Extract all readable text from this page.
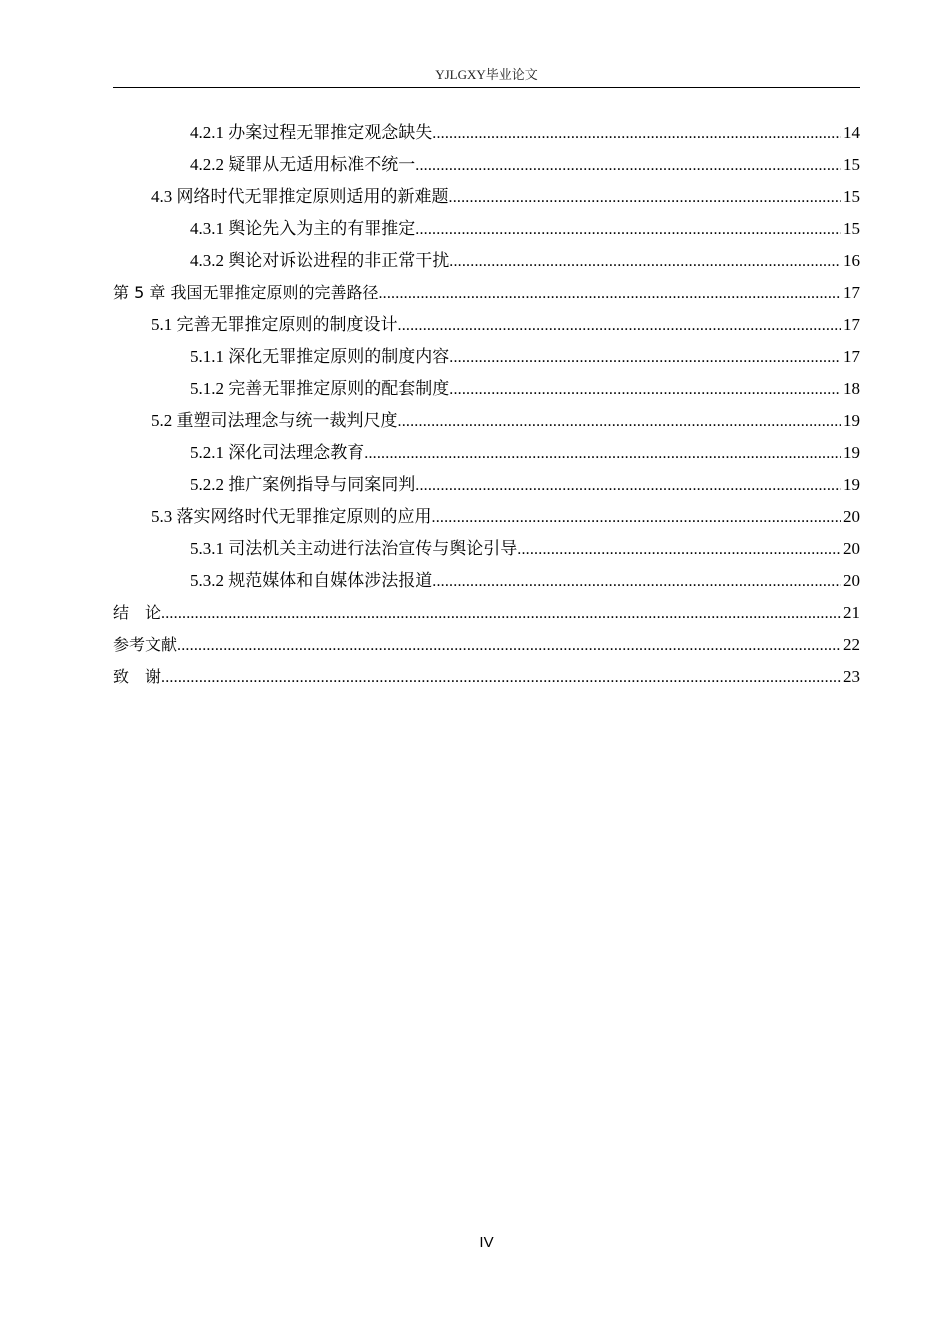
YJLGXY毕业论文
4.2.1 办案过程无罪推定观念缺失 .....	14
4.2.2 疑罪从无适用标准不统一 .....	15
4.3 网络时代无罪推定原则适用的新难题 .....	15
4.3.1 舆论先入为主的有罪推定 .....	15
4.3.2 舆论对诉讼进程的非正常干扰 .....	16
第 5 章 我国无罪推定原则的完善路径 .....	17
5.1 完善无罪推定原则的制度设计 .....	17
5.1.1 深化无罪推定原则的制度内容 .....	17
5.1.2 完善无罪推定原则的配套制度 .....	18
5.2 重塑司法理念与统一裁判尺度 .....	19
5.2.1 深化司法理念教育 .....	19
5.2.2 推广案例指导与同案同判 .....	19
5.3 落实网络时代无罪推定原则的应用 .....	20
5.3.1 司法机关主动进行法治宣传与舆论引导 .....	20
5.3.2 规范媒体和自媒体涉法报道 .....	20
结　论 .....	21
参考文献 .....	22
致　谢 .....	23
IV
